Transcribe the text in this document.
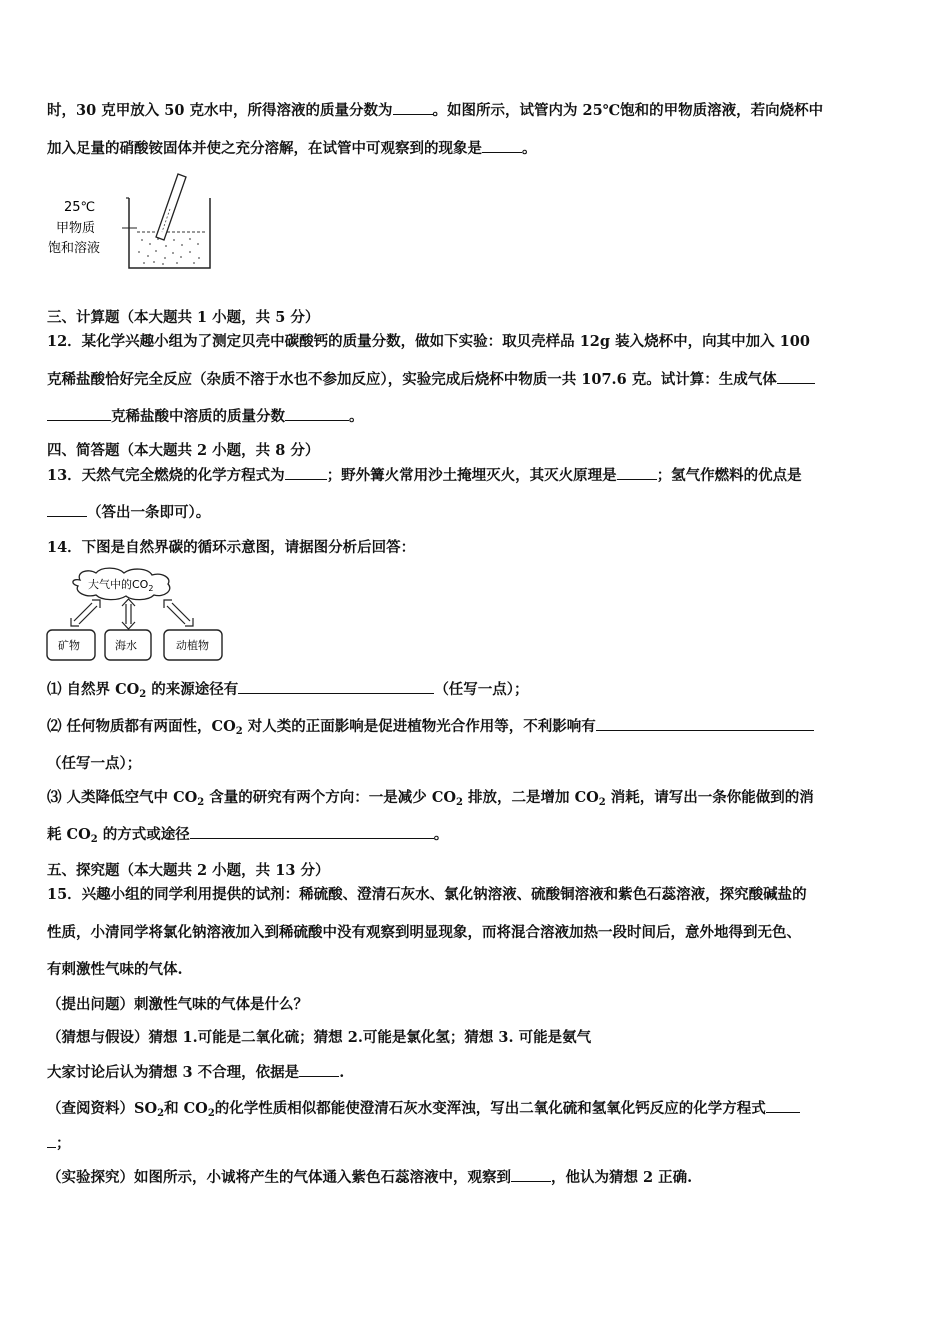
时，30 克甲放入 50 克水中，所得溶液的质量分数为	。如图所示，试管内为 25℃饱和的甲物质溶液，若向烧杯中
加入足量的硝酸铵固体并使之充分溶解，在试管中可观察到的现象是	。
25℃
甲物质
饱和溶液
三、计算题（本大题共 1 小题，共 5 分）
12．某化学兴趣小组为了测定贝壳中碳酸钙的质量分数，做如下实验：取贝壳样品 12g 装入烧杯中，向其中加入 100
克稀盐酸恰好完全反应（杂质不溶于水也不参加反应），实验完成后烧杯中物质一共 107.6 克。试计算：生成气体
克稀盐酸中溶质的质量分数	。
四、简答题（本大题共 2 小题，共 8 分）
13．天然气完全燃烧的化学方程式为	；野外篝火常用沙土掩埋灭火，其灭火原理是	；氢气作燃料的优点是
（答出一条即可）。
14．下图是自然界碳的循环示意图，请据图分析后回答：
大气中的$CO_2$
矿物	海水	动植物
⑴ 自然界 $CO_2$ 的来源途径有	（任写一点）；
⑵ 任何物质都有两面性，$CO_2$ 对人类的正面影响是促进植物光合作用等，不利影响有
（任写一点）；
⑶ 人类降低空气中 $CO_2$ 含量的研究有两个方向：一是减少 $CO_2$ 排放，二是增加 $CO_2$ 消耗，请写出一条你能做到的消
耗 $CO_2$ 的方式或途径	。
五、探究题（本大题共 2 小题，共 13 分）
15．兴趣小组的同学利用提供的试剂：稀硫酸、澄清石灰水、氯化钠溶液、硫酸铜溶液和紫色石蕊溶液，探究酸碱盐的
性质，小清同学将氯化钠溶液加入到稀硫酸中没有观察到明显现象，而将混合溶液加热一段时间后，意外地得到无色、
有刺激性气味的气体.
（提出问题）刺激性气味的气体是什么？
（猜想与假设）猜想 1.可能是二氧化硫；猜想 2.可能是氯化氢；猜想 3. 可能是氨气
大家讨论后认为猜想 3 不合理，依据是	.
（查阅资料）$SO_2$和 $CO_2$的化学性质相似都能使澄清石灰水变浑浊，写出二氧化硫和氢氧化钙反应的化学方程式
；
（实验探究）如图所示，小诚将产生的气体通入紫色石蕊溶液中，观察到	，他认为猜想 2 正确.
